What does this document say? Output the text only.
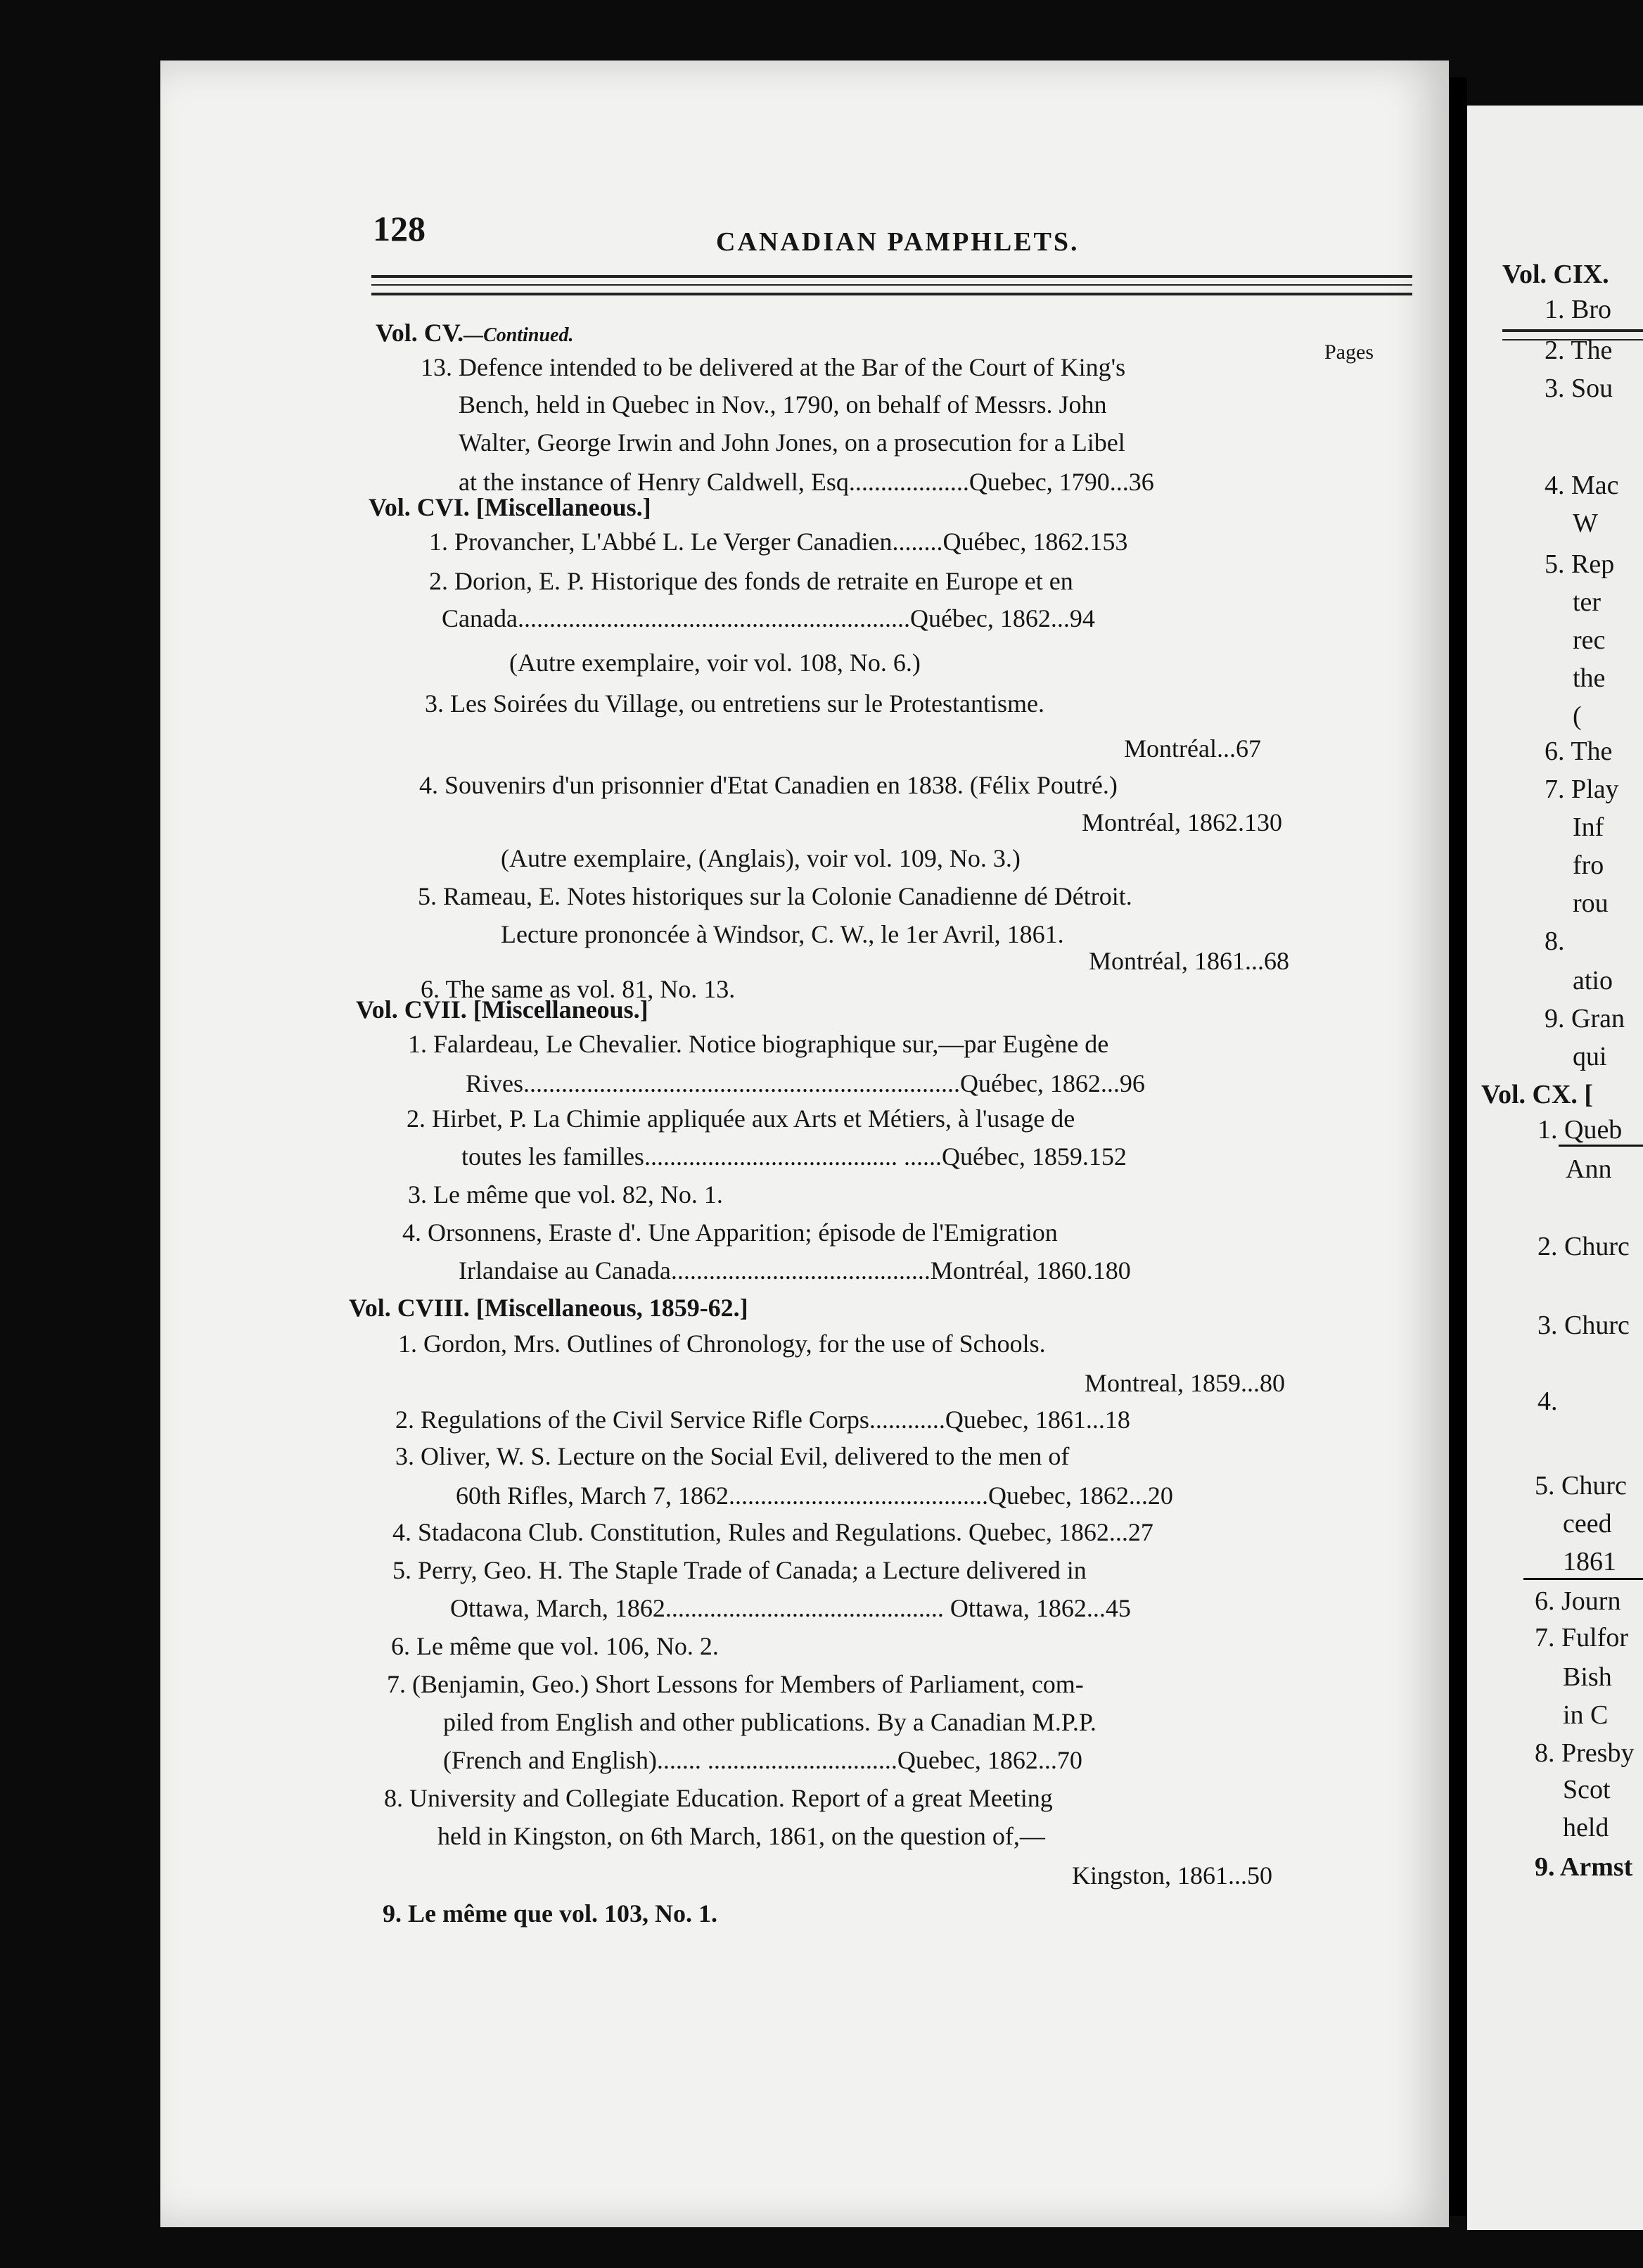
128	CANADIAN PAMPHLETS.
Vol. CV.—Continued.
Pages
13. Defence intended to be delivered at the Bar of the Court of King's
Bench, held in Quebec in Nov., 1790, on behalf of Messrs. John
Walter, George Irwin and John Jones, on a prosecution for a Libel
at the instance of Henry Caldwell, Esq...................Quebec, 1790...36
Vol. CVI. [Miscellaneous.]
1. Provancher, L'Abbé L. Le Verger Canadien........Québec, 1862.153
2. Dorion, E. P. Historique des fonds de retraite en Europe et en
Canada..............................................................Québec, 1862...94
(Autre exemplaire, voir vol. 108, No. 6.)
3. Les Soirées du Village, ou entretiens sur le Protestantisme.
Montréal...67
4. Souvenirs d'un prisonnier d'Etat Canadien en 1838. (Félix Poutré.)
Montréal, 1862.130
(Autre exemplaire, (Anglais), voir vol. 109, No. 3.)
5. Rameau, E. Notes historiques sur la Colonie Canadienne dé Détroit.
Lecture prononcée à Windsor, C. W., le 1er Avril, 1861.
Montréal, 1861...68
6. The same as vol. 81, No. 13.
Vol. CVII. [Miscellaneous.]
1. Falardeau, Le Chevalier. Notice biographique sur,—par Eugène de
Rives.....................................................................Québec, 1862...96
2. Hirbet, P. La Chimie appliquée aux Arts et Métiers, à l'usage de
toutes les familles........................................ ......Québec, 1859.152
3. Le même que vol. 82, No. 1.
4. Orsonnens, Eraste d'. Une Apparition; épisode de l'Emigration
Irlandaise au Canada.........................................Montréal, 1860.180
Vol. CVIII. [Miscellaneous, 1859-62.]
1. Gordon, Mrs. Outlines of Chronology, for the use of Schools.
Montreal, 1859...80
2. Regulations of the Civil Service Rifle Corps............Quebec, 1861...18
3. Oliver, W. S. Lecture on the Social Evil, delivered to the men of
60th Rifles, March 7, 1862.........................................Quebec, 1862...20
4. Stadacona Club. Constitution, Rules and Regulations. Quebec, 1862...27
5. Perry, Geo. H. The Staple Trade of Canada; a Lecture delivered in
Ottawa, March, 1862............................................ Ottawa, 1862...45
6. Le même que vol. 106, No. 2.
7. (Benjamin, Geo.) Short Lessons for Members of Parliament, com-
piled from English and other publications. By a Canadian M.P.P.
(French and English)....... ..............................Quebec, 1862...70
8. University and Collegiate Education. Report of a great Meeting
held in Kingston, on 6th March, 1861, on the question of,—
Kingston, 1861...50
9. Le même que vol. 103, No. 1.
Vol. CIX.
1. Bro
2. The
3. Sou
4. Mac
W
5. Rep
ter
rec
the
(
6. The
7. Play
Inf
fro
rou
8.
atio
9. Gran
qui
Vol. CX. [
1. Queb
Ann
2. Churc
3. Churc
4.
5. Churc
ceed
1861
6. Journ
7. Fulfor
Bish
in C
8. Presby
Scot
held
9. Armst
